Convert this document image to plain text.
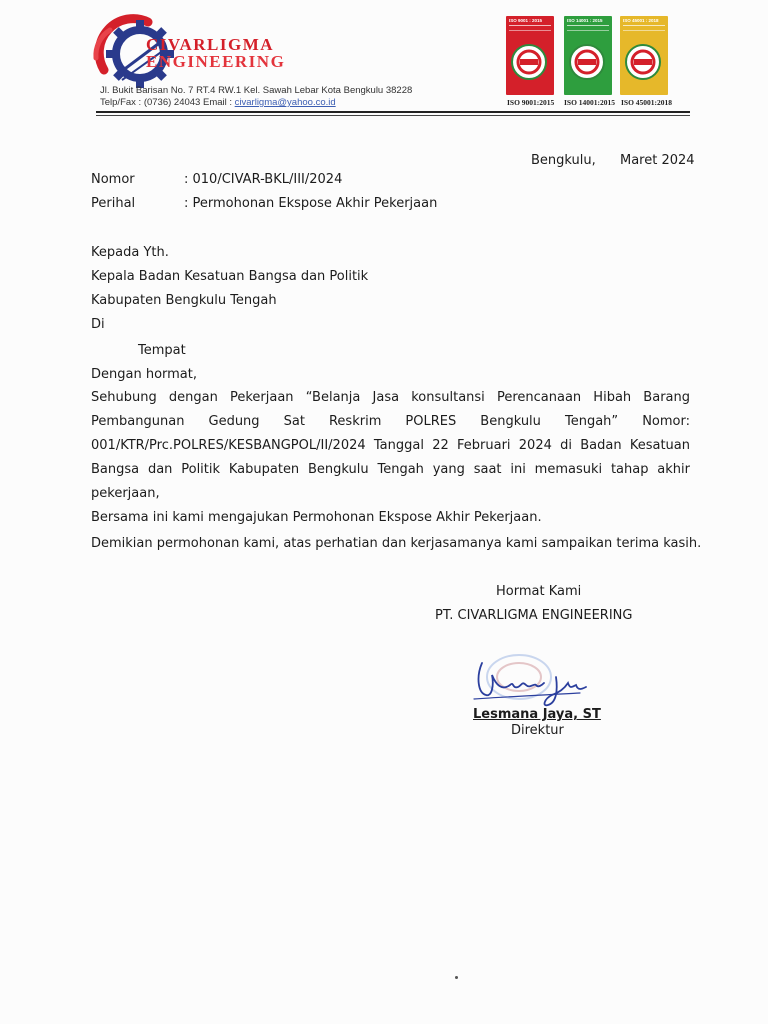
CIVARLIGMA
ENGINEERING
Jl. Bukit Barisan No. 7 RT.4 RW.1 Kel. Sawah Lebar Kota Bengkulu 38228
Telp/Fax : (0736) 24043 Email : civarligma@yahoo.co.id
ISO 9001 : 2015
ISO 9001:2015
ISO 14001 : 2015
ISO 14001:2015
ISO 45001 : 2018
ISO 45001:2018
Bengkulu, Maret 2024
Nomor	: 010/CIVAR-BKL/III/2024
Perihal	: Permohonan Ekspose Akhir Pekerjaan
Kepada Yth.
Kepala Badan Kesatuan Bangsa dan Politik
Kabupaten Bengkulu Tengah
Di
Tempat
Dengan hormat,
Sehubung dengan Pekerjaan “Belanja Jasa konsultansi Perencanaan Hibah Barang
Pembangunan Gedung Sat Reskrim POLRES Bengkulu Tengah” Nomor:
001/KTR/Prc.POLRES/KESBANGPOL/II/2024 Tanggal 22 Februari 2024 di Badan Kesatuan
Bangsa dan Politik Kabupaten Bengkulu Tengah yang saat ini memasuki tahap akhir pekerjaan,
Bersama ini kami mengajukan Permohonan Ekspose Akhir Pekerjaan.
Demikian permohonan kami, atas perhatian dan kerjasamanya kami sampaikan terima kasih.
Hormat Kami
PT. CIVARLIGMA ENGINEERING
Lesmana Jaya, ST
Direktur
